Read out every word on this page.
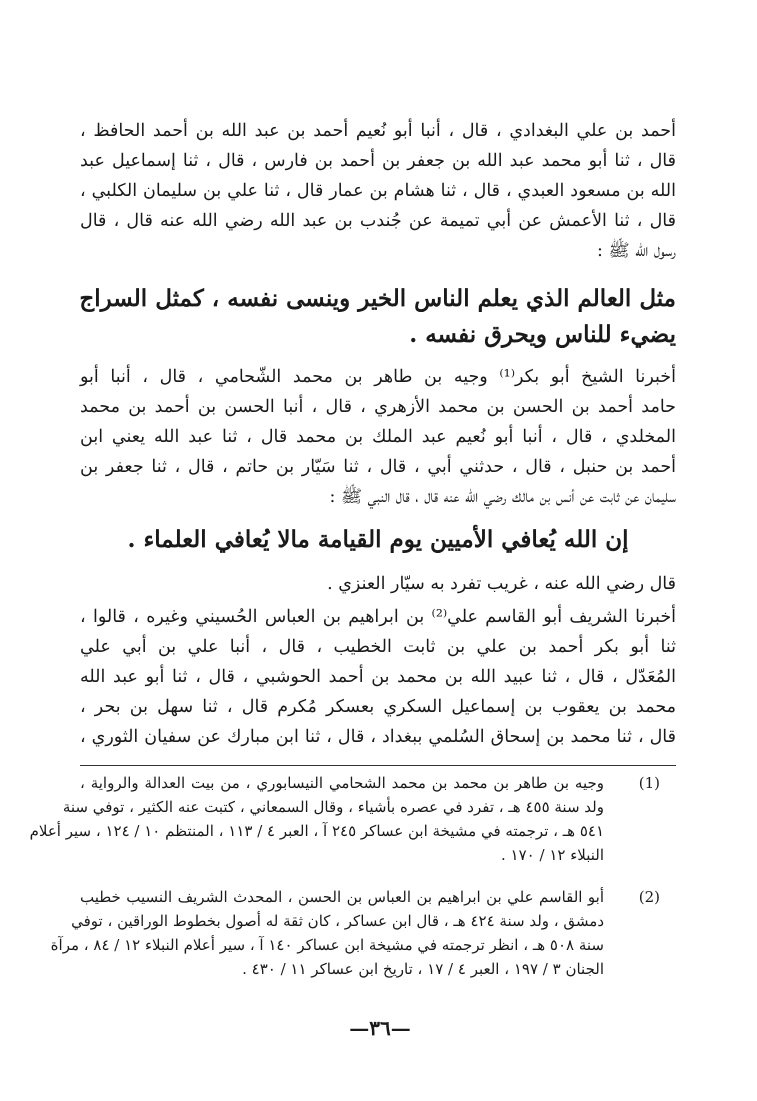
أحمد بن علي البغدادي ، قال ، أنبا أبو نُعيم أحمد بن عبد الله بن أحمد الحافظ ،
قال ، ثنا أبو محمد عبد الله بن جعفر بن أحمد بن فارس ، قال ، ثنا إسماعيل عبد
الله بن مسعود العبدي ، قال ، ثنا هشام بن عمار قال ، ثنا علي بن سليمان الكلبي ،
قال ، ثنا الأعمش عن أبي تميمة عن جُندب بن عبد الله رضي الله عنه قال ، قال
رسول الله ﷺ :
مثل العالم الذي يعلم الناس الخير وينسى نفسه ، كمثل السراج
يضيء للناس ويحرق نفسه .
أخبرنا الشيخ أبو بكر⁽¹⁾ وجيه بن طاهر بن محمد الشّحامي ، قال ، أنبا أبو
حامد أحمد بن الحسن بن محمد الأزهري ، قال ، أنبا الحسن بن أحمد بن محمد
المخلدي ، قال ، أنبا أبو نُعيم عبد الملك بن محمد قال ، ثنا عبد الله يعني ابن
أحمد بن حنبل ، قال ، حدثني أبي ، قال ، ثنا سَيّار بن حاتم ، قال ، ثنا جعفر بن
سليمان عن ثابت عن أنس بن مالك رضي الله عنه قال ، قال النبي ﷺ :
إن الله يُعافي الأميين يوم القيامة مالا يُعافي العلماء .
قال رضي الله عنه ، غريب تفرد به سيّار العنزي .
أخبرنا الشريف أبو القاسم علي⁽²⁾ بن ابراهيم بن العباس الحُسيني وغيره ، قالوا ،
ثنا أبو بكر أحمد بن علي بن ثابت الخطيب ، قال ، أنبا علي بن أبي علي
المُعَدّل ، قال ، ثنا عبيد الله بن محمد بن أحمد الحوشبي ، قال ، ثنا أبو عبد الله
محمد بن يعقوب بن إسماعيل السكري بعسكر مُكرم قال ، ثنا سهل بن بحر ،
قال ، ثنا محمد بن إسحاق السُلمي ببغداد ، قال ، ثنا ابن مبارك عن سفيان الثوري ،
(1)
وجيه بن طاهر بن محمد بن محمد الشحامي النيسابوري ، من بيت العدالة والرواية ،
ولد سنة ٤٥٥ هـ ، تفرد في عصره بأشياء ، وقال السمعاني ، كتبت عنه الكثير ، توفي سنة
٥٤١ هـ ، ترجمته في مشيخة ابن عساكر ٢٤٥ آ ، العبر ٤ / ١١٣ ، المنتظم ١٠ / ١٢٤ ، سير أعلام
النبلاء ١٢ / ١٧٠ .
(2)
أبو القاسم علي بن ابراهيم بن العباس بن الحسن ، المحدث الشريف النسيب خطيب
دمشق ، ولد سنة ٤٢٤ هـ ، قال ابن عساكر ، كان ثقة له أصول بخطوط الوراقين ، توفي
سنة ٥٠٨ هـ ، انظر ترجمته في مشيخة ابن عساكر ١٤٠ آ ، سير أعلام النبلاء ١٢ / ٨٤ ، مرآة
الجنان ٣ / ١٩٧ ، العبر ٤ / ١٧ ، تاريخ ابن عساكر ١١ / ٤٣٠ .
—٣٦—
